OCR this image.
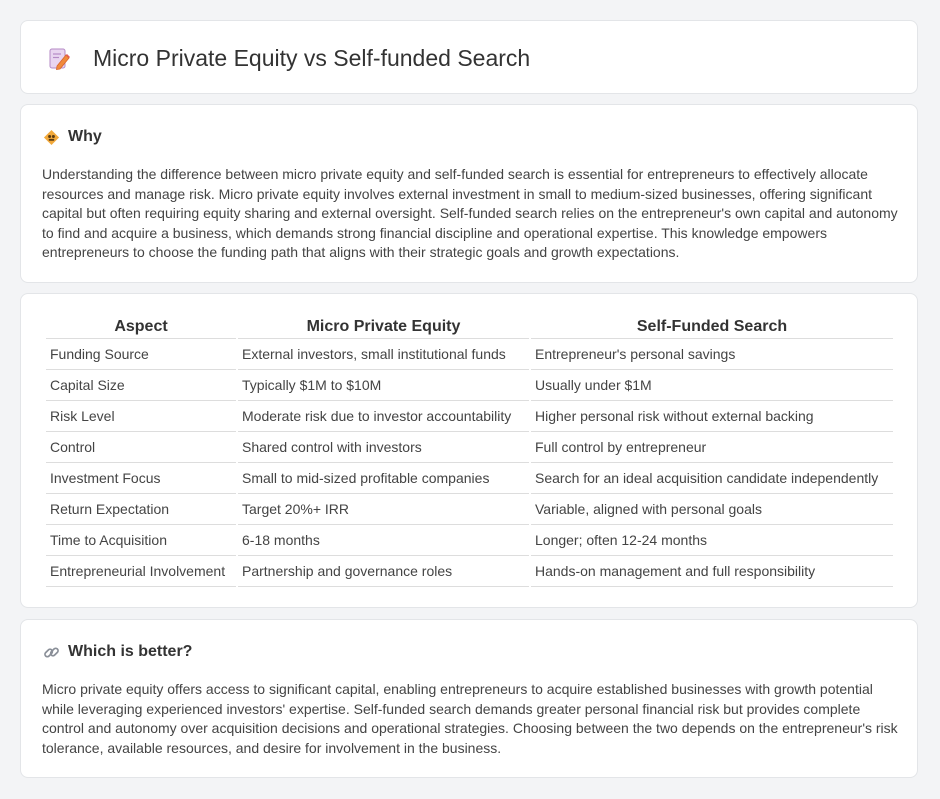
Micro Private Equity vs Self-funded Search
Why

Understanding the difference between micro private equity and self-funded search is essential for entrepreneurs to effectively allocate resources and manage risk. Micro private equity involves external investment in small to medium-sized businesses, offering significant capital but often requiring equity sharing and external oversight. Self-funded search relies on the entrepreneur's own capital and autonomy to find and acquire a business, which demands strong financial discipline and operational expertise. This knowledge empowers entrepreneurs to choose the funding path that aligns with their strategic goals and growth expectations.

Aspect	Micro Private Equity	Self-Funded Search
Funding Source	External investors, small institutional funds	Entrepreneur's personal savings
Capital Size	Typically $1M to $10M	Usually under $1M
Risk Level	Moderate risk due to investor accountability	Higher personal risk without external backing
Control	Shared control with investors	Full control by entrepreneur
Investment Focus	Small to mid-sized profitable companies	Search for an ideal acquisition candidate independently
Return Expectation	Target 20%+ IRR	Variable, aligned with personal goals
Time to Acquisition	6-18 months	Longer; often 12-24 months
Entrepreneurial Involvement	Partnership and governance roles	Hands-on management and full responsibility
Which is better?

Micro private equity offers access to significant capital, enabling entrepreneurs to acquire established businesses with growth potential while leveraging experienced investors' expertise. Self-funded search demands greater personal financial risk but provides complete control and autonomy over acquisition decisions and operational strategies. Choosing between the two depends on the entrepreneur's risk tolerance, available resources, and desire for involvement in the business.
